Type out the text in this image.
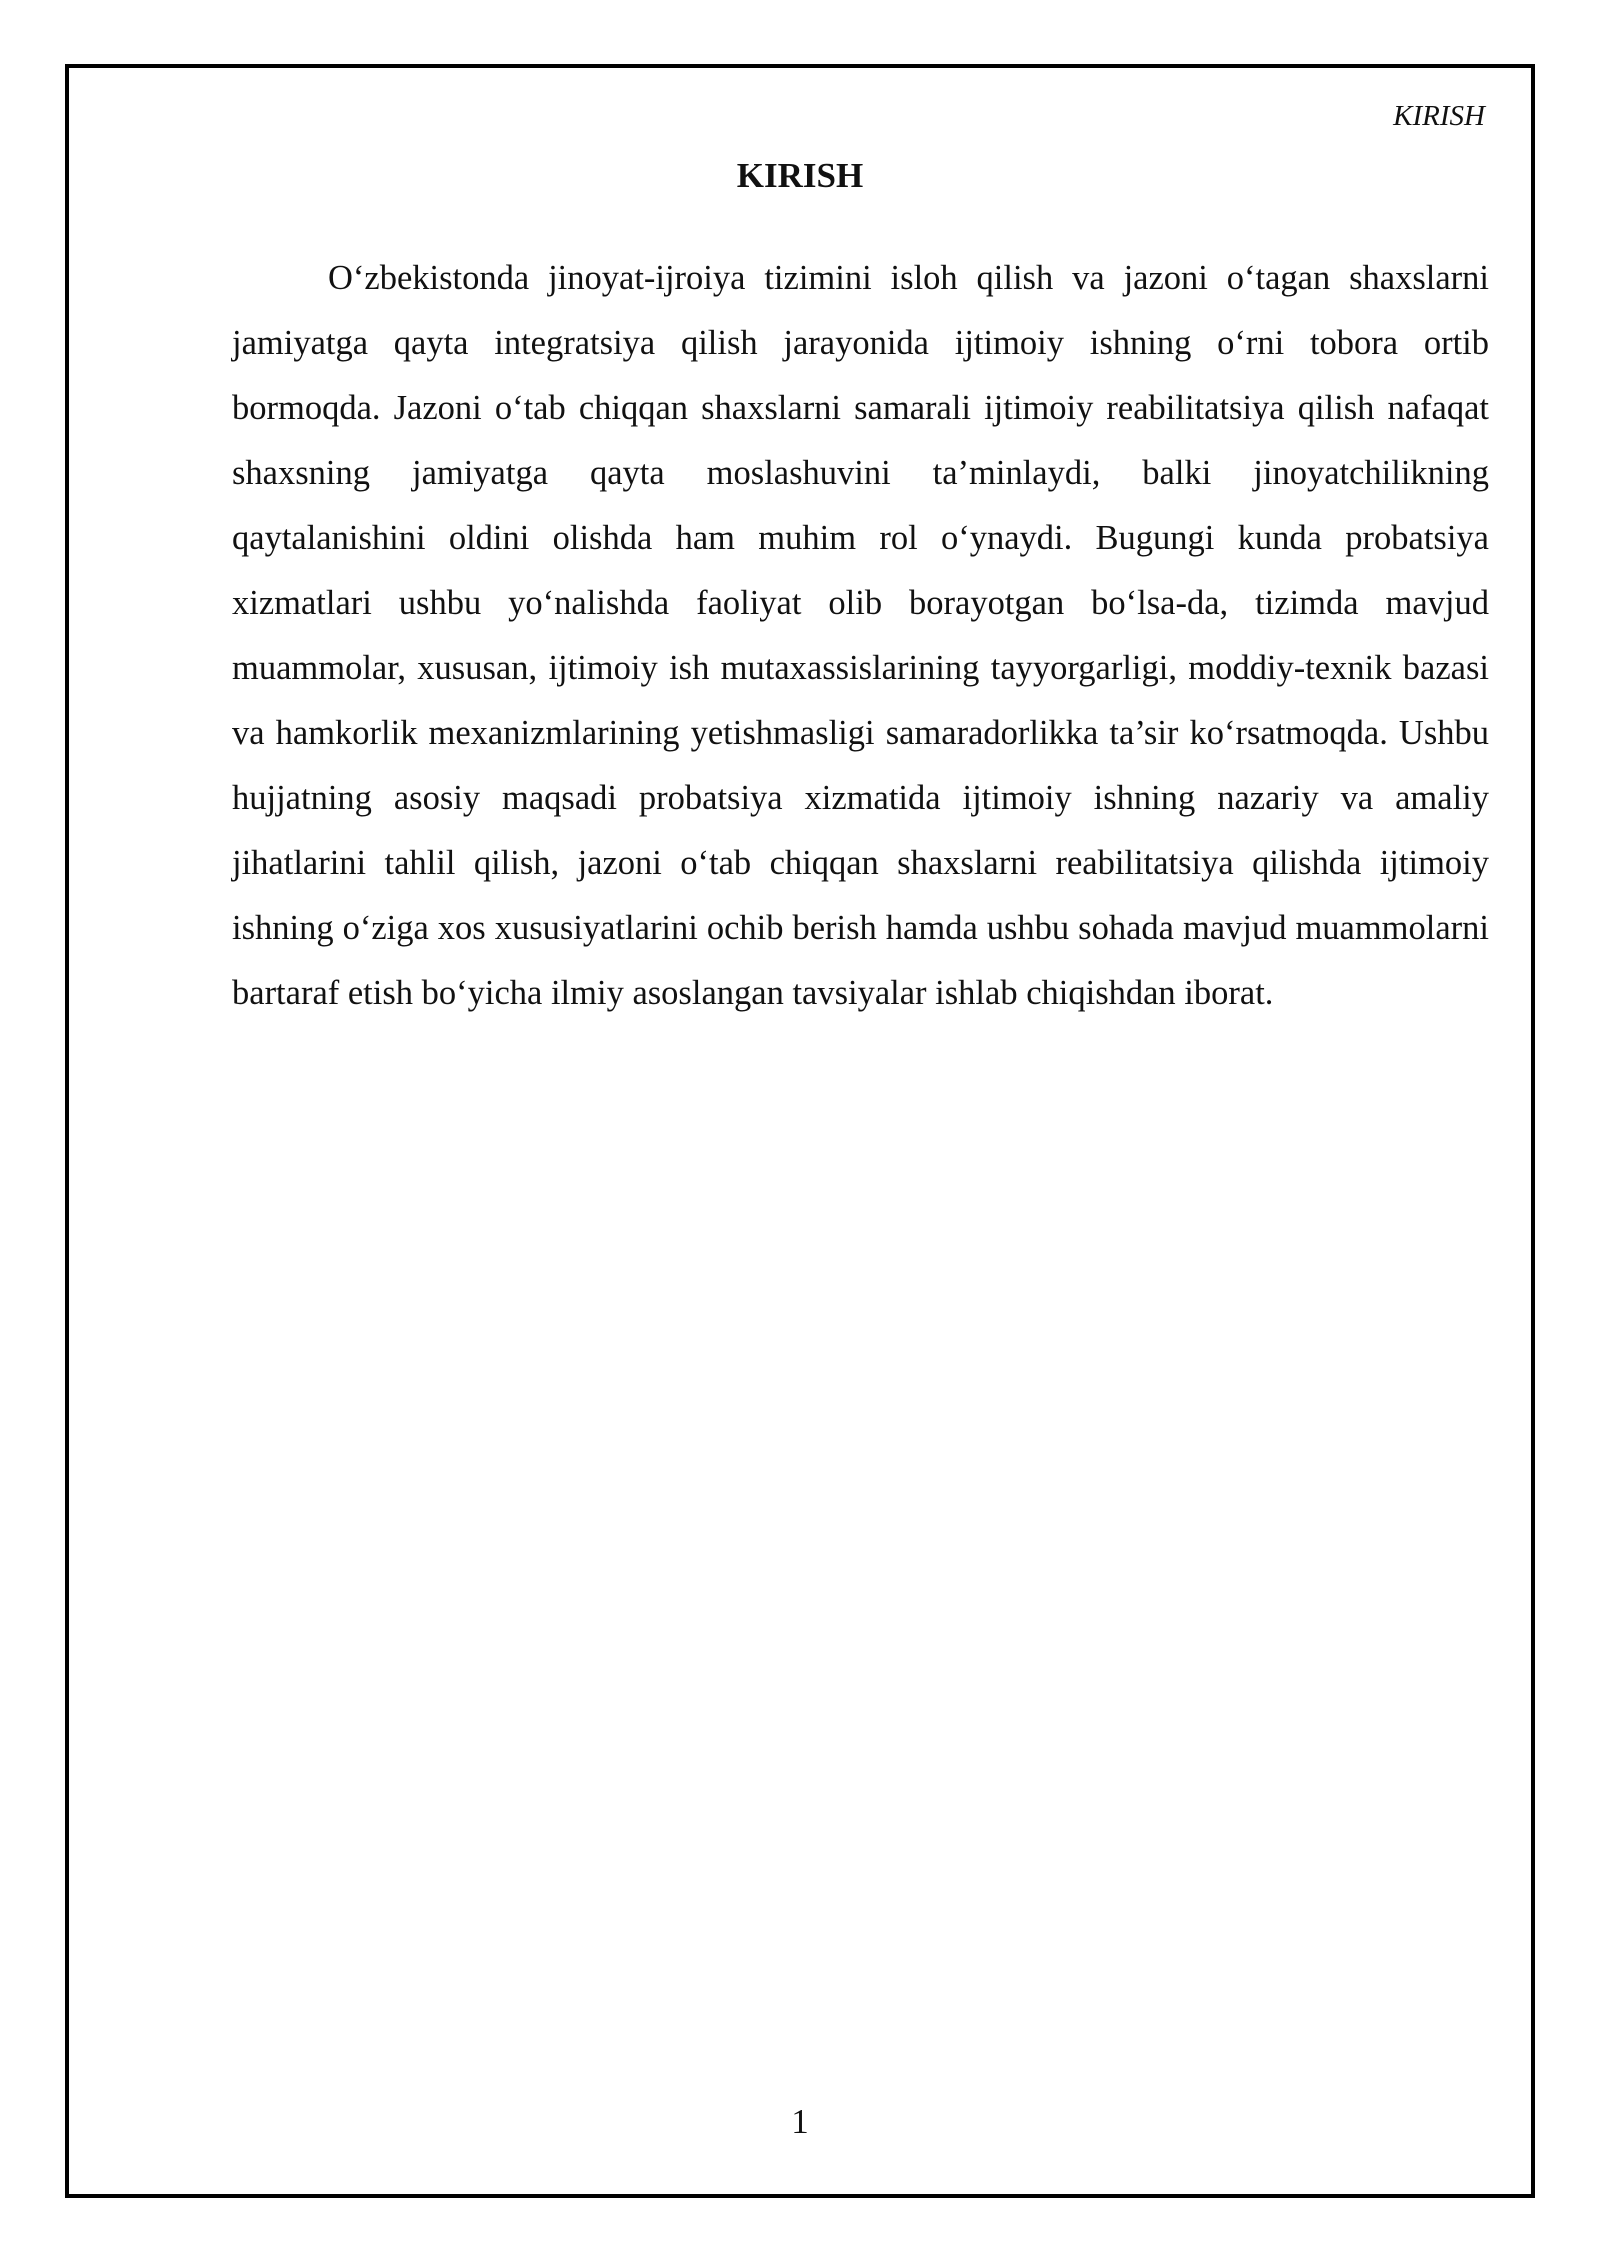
KIRISH
KIRISH

O‘zbekistonda jinoyat-ijroiya tizimini isloh qilish va jazoni o‘tagan shaxslarni jamiyatga qayta integratsiya qilish jarayonida ijtimoiy ishning o‘rni tobora ortib bormoqda. Jazoni o‘tab chiqqan shaxslarni samarali ijtimoiy reabilitatsiya qilish nafaqat shaxsning jamiyatga qayta moslashuvini ta’minlaydi, balki jinoyatchilikning qaytalanishini oldini olishda ham muhim rol o‘ynaydi. Bugungi kunda probatsiya xizmatlari ushbu yo‘nalishda faoliyat olib borayotgan bo‘lsa-da, tizimda mavjud muammolar, xususan, ijtimoiy ish mutaxassislarining tayyorgarligi, moddiy-texnik bazasi va hamkorlik mexanizmlarining yetishmasligi samaradorlikka ta’sir ko‘rsatmoqda. Ushbu hujjatning asosiy maqsadi probatsiya xizmatida ijtimoiy ishning nazariy va amaliy jihatlarini tahlil qilish, jazoni o‘tab chiqqan shaxslarni reabilitatsiya qilishda ijtimoiy ishning o‘ziga xos xususiyatlarini ochib berish hamda ushbu sohada mavjud muammolarni bartaraf etish bo‘yicha ilmiy asoslangan tavsiyalar ishlab chiqishdan iborat.

1
